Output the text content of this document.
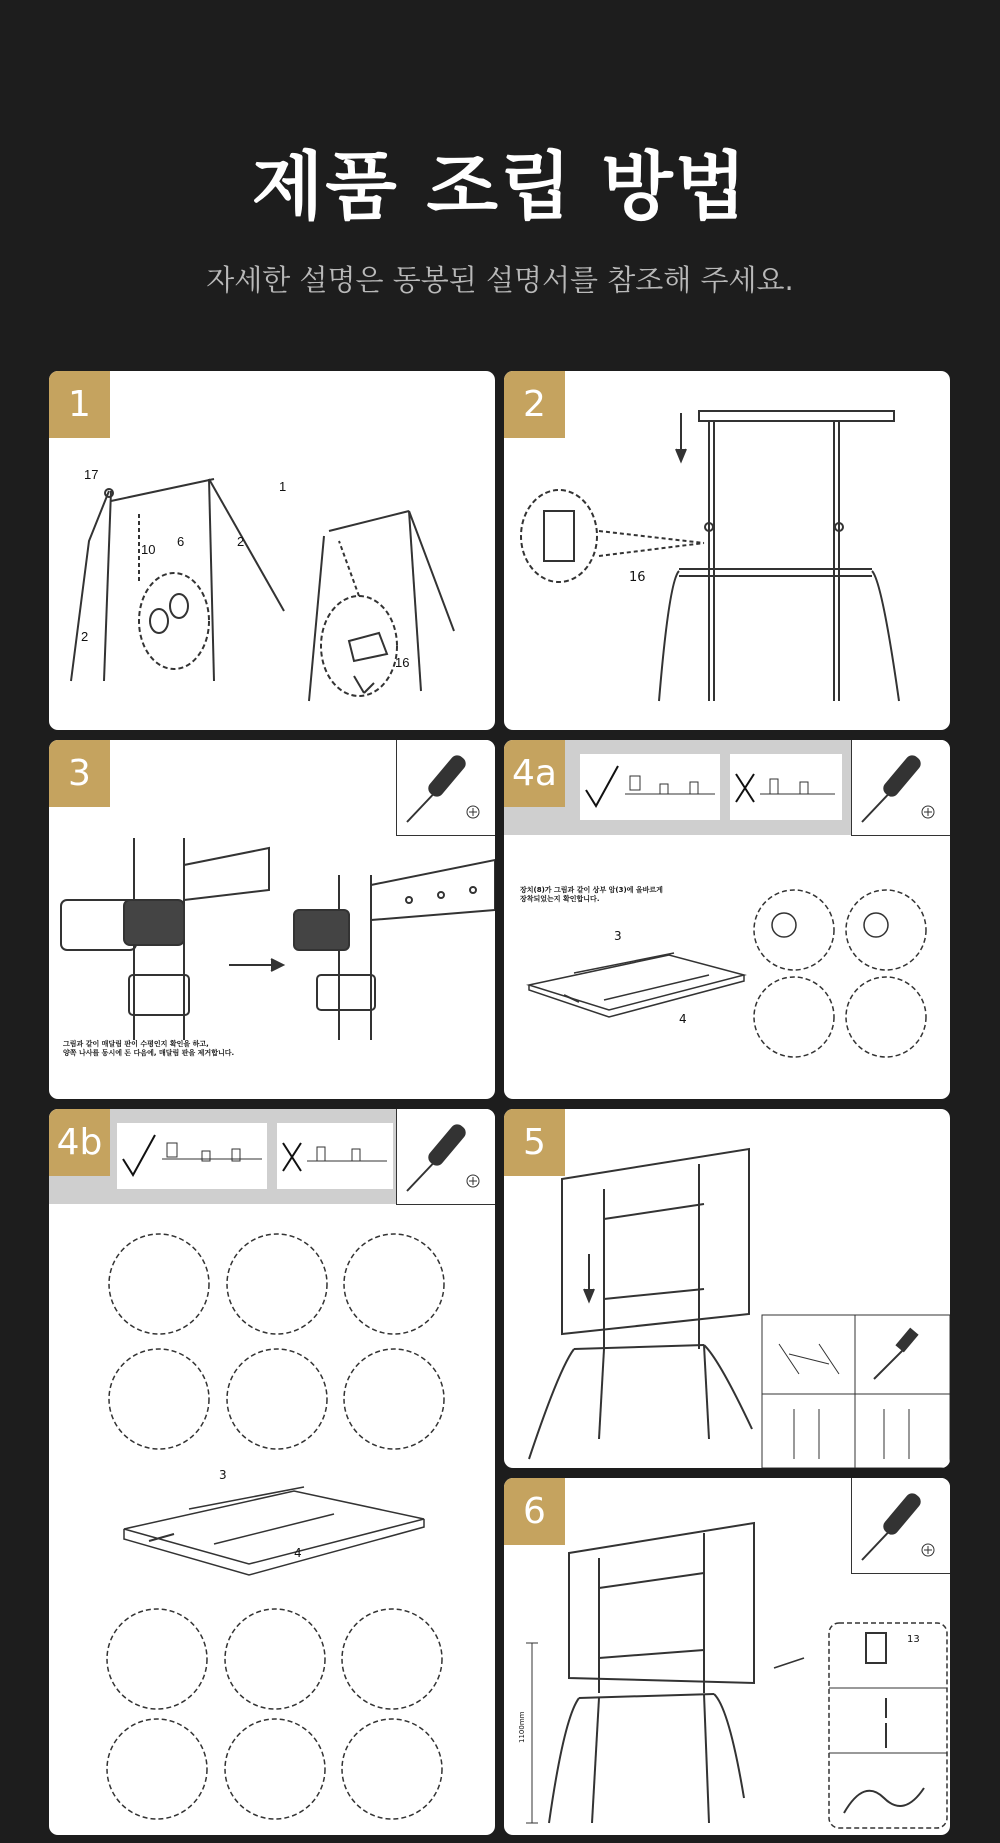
제품 조립 방법
자세한 설명은 동봉된 설명서를 참조해 주세요.
1
17
1
6
10
2
2
16
2
16
3
그림과 같이 매달림 판이 수평인지 확인을 하고,
양쪽 나사를 동시에 돈 다음에, 매달림 판을 제거합니다.
4a
장치(8)가 그림과 같이 상부 암(3)에 올바르게
장착되었는지 확인합니다.
3
4
4b
3
4
5
6
13
1100mm
